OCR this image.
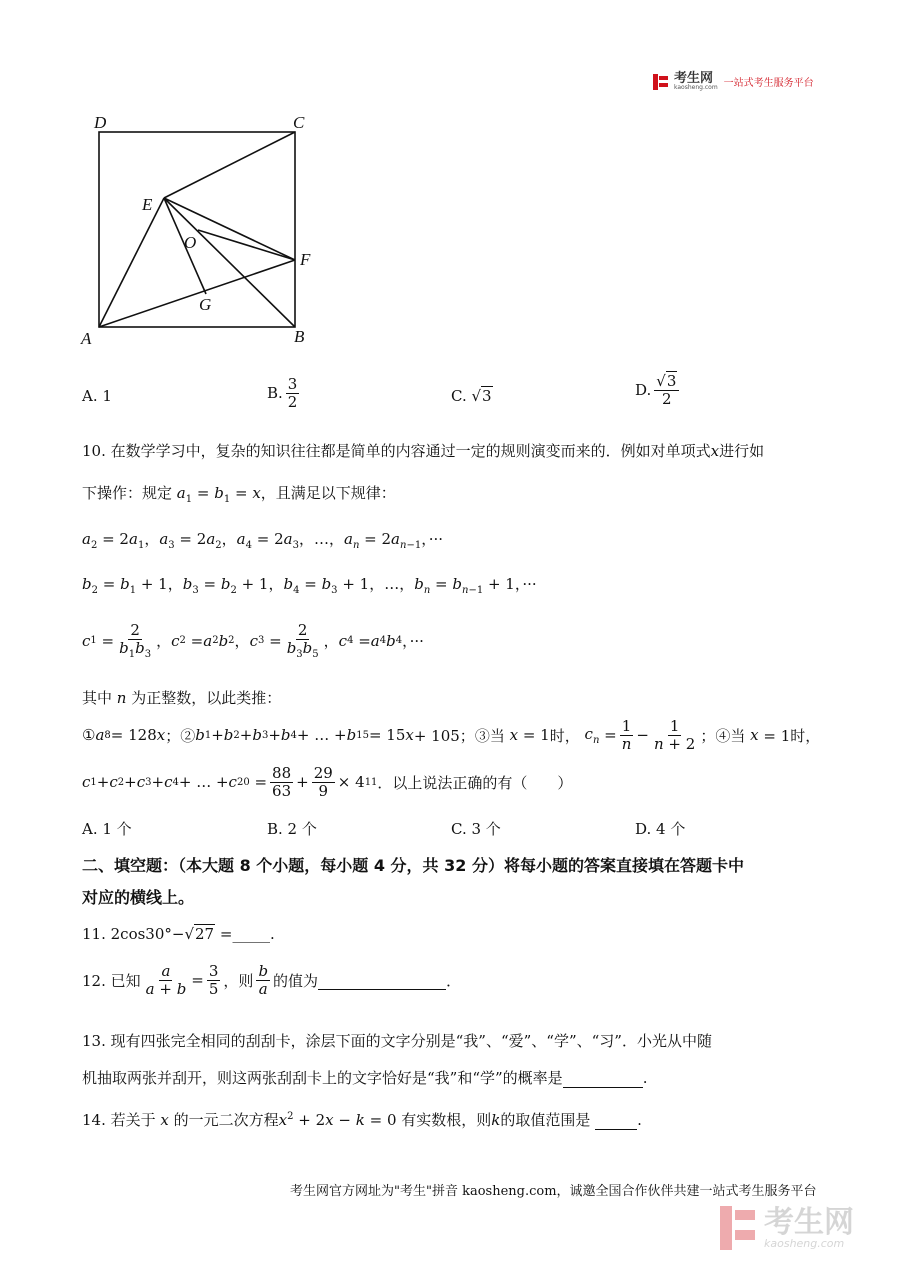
考生网
kaosheng.com 一站式考生服务平台
D	C
E
O
F
G
A	B
A. 1	B. $\frac{3}{2}$	C. √3	D. $\frac{√3}{2}$
10. 在数学学习中，复杂的知识往往都是简单的内容通过一定的规则演变而来的．例如对单项式x进行如
下操作：规定 $a_1 = b_1 = x$，且满足以下规律：
$a_2 = 2a_1$，$a_3 = 2a_2$，$a_4 = 2a_3$，…，$a_n = 2a_{n-1}$，···
$b_2 = b_1 + 1$，$b_3 = b_2 + 1$，$b_4 = b_3 + 1$，…，$b_n = b_{n-1} + 1$，···
c $1 = \frac{2}{b_1b_3}$ ， c 2 = a 2 b 2 ， c $3 = \frac{2}{b_3b_5}$ ， c 4 = a 4 b 4 ，···
其中 n 为正整数，以此类推：
① a 8 = 128 x ；② b 1 + b 2 + b 3 + b 4 + … + b 15 = 15 x + 105； ③当
x = 1 时，
$c_n = \frac{1}{n} - \frac{1}{n + 2}$ ； ④当
x = 1时，
c 1 + c 2 + c 3 + c 4 + … + c $20 = \frac{88}{63} + \frac{29}{9} \times 4$ 11 ．以上说法正确的有（　　）
A. 1 个	B. 2 个	C. 3 个	D. 4 个
二、填空题：（本大题 8 个小题，每小题 4 分，共 32 分）将每小题的答案直接填在答题卡中
对应的横线上。
11. 2cos30°−√27 =_____.
12. 已知 $\frac{a}{a + b} = \frac{3}{5}$ ，则 $\frac{b}{a}$ 的值为
	．
13. 现有四张完全相同的刮刮卡，涂层下面的文字分别是“我”、“爱”、“学”、“习”．小光从中随
机抽取两张并刮开，则这两张刮刮卡上的文字恰好是“我”和“学”的概率是	.
14. 若关于 x 的一元二次方程$x^2 + 2x - k = 0$ 有实数根，则k的取值范围是	.
考生网官方网址为"考生"拼音 kaosheng.com，诚邀全国合作伙伴共建一站式考生服务平台
考生网
kaosheng.com
